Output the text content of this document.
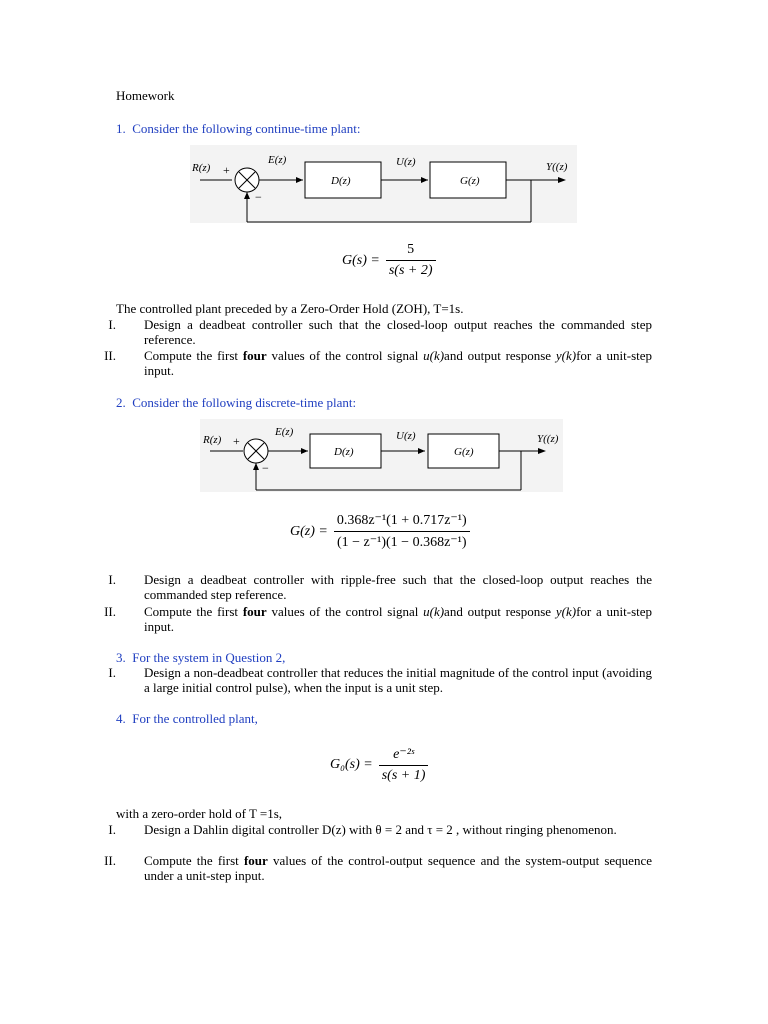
Homework
1.  Consider the following continue-time plant:
R(z) +
−
E(z)
D(z)
U(z)
G(z)
Y((z)
$G(s) = \frac{5}{s(s + 2)}$
The controlled plant preceded by a Zero-Order Hold (ZOH), T=1s.
I. Design a deadbeat controller such that the closed-loop output reaches the commanded step reference.
II. Compute the first four values of the control signal u(k)and output response y(k)for a unit-step input.
2.  Consider the following discrete-time plant:
R(z) +
−
E(z)
D(z)
U(z)
G(z)
Y((z)
$G(z) = \frac{\text{0.368z⁻¹(1 + 0.717z⁻¹)}}{\text{(1 − z⁻¹)(1 − 0.368z⁻¹)}}$
I. Design a deadbeat controller with ripple-free such that the closed-loop output reaches the commanded step reference.
II. Compute the first four values of the control signal u(k)and output response y(k)for a unit-step input.
3.  For the system in Question 2,
I. Design a non-deadbeat controller that reduces the initial magnitude of the control input (avoiding a large initial control pulse), when the input is a unit step.
4.  For the controlled plant,
$G_0(s) = \frac{\text{e⁻²ˢ}}{s(s + 1)}$
with a zero-order hold of T =1s,
I. Design a Dahlin digital controller D(z) with θ = 2 and τ = 2 , without ringing phenomenon.
II. Compute the first four values of the control-output sequence and the system-output sequence under a unit-step input.
